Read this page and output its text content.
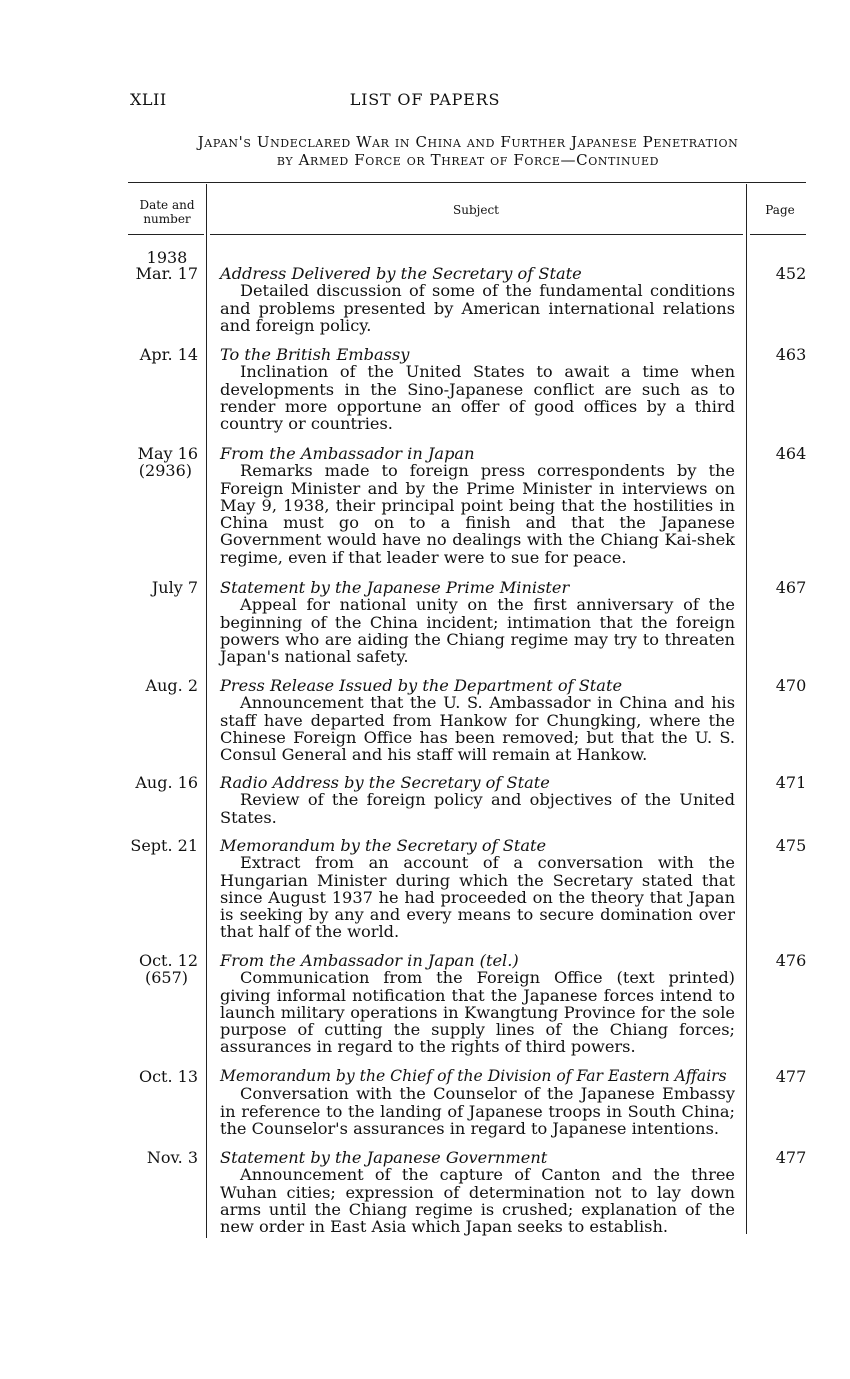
XLII	LIST OF PAPERS
Japan's Undeclared War in China and Further Japanese Penetration
by Armed Force or Threat of Force—Continued
Date and
number
Subject	Page
1938
Mar. 17 Address Delivered by the Secretary of State
Detailed discussion of some of the fundamental conditions and problems presented by American international relations and foreign policy.
452
Apr. 14 To the British Embassy
Inclination of the United States to await a time when developments in the Sino-Japanese conflict are such as to render more opportune an offer of good offices by a third country or countries.
463
May 16
(2936)
From the Ambassador in Japan
Remarks made to foreign press correspondents by the Foreign Minister and by the Prime Minister in interviews on May 9, 1938, their principal point being that the hostilities in China must go on to a finish and that the Japanese Government would have no dealings with the Chiang Kai-shek regime, even if that leader were to sue for peace.
464
July 7 Statement by the Japanese Prime Minister
Appeal for national unity on the first anniversary of the beginning of the China incident; intimation that the foreign powers who are aiding the Chiang regime may try to threaten Japan's national safety.
467
Aug. 2 Press Release Issued by the Department of State
Announcement that the U. S. Ambassador in China and his staff have departed from Hankow for Chungking, where the Chinese Foreign Office has been removed; but that the U. S. Consul General and his staff will remain at Hankow.
470
Aug. 16 Radio Address by the Secretary of State
Review of the foreign policy and objectives of the United States.
471
Sept. 21 Memorandum by the Secretary of State
Extract from an account of a conversation with the Hungarian Minister during which the Secretary stated that since August 1937 he had proceeded on the theory that Japan is seeking by any and every means to secure domination over that half of the world.
475
Oct. 12
(657)
From the Ambassador in Japan (tel.)
Communication from the Foreign Office (text printed) giving informal notification that the Japanese forces intend to launch military operations in Kwangtung Province for the sole purpose of cutting the supply lines of the Chiang forces; assurances in regard to the rights of third powers.
476
Oct. 13 Memorandum by the Chief of the Division of Far Eastern Affairs
Conversation with the Counselor of the Japanese Embassy in reference to the landing of Japanese troops in South China; the Counselor's assurances in regard to Japanese intentions.
477
Nov. 3 Statement by the Japanese Government
Announcement of the capture of Canton and the three Wuhan cities; expression of determination not to lay down arms until the Chiang regime is crushed; explanation of the new order in East Asia which Japan seeks to establish.
477
